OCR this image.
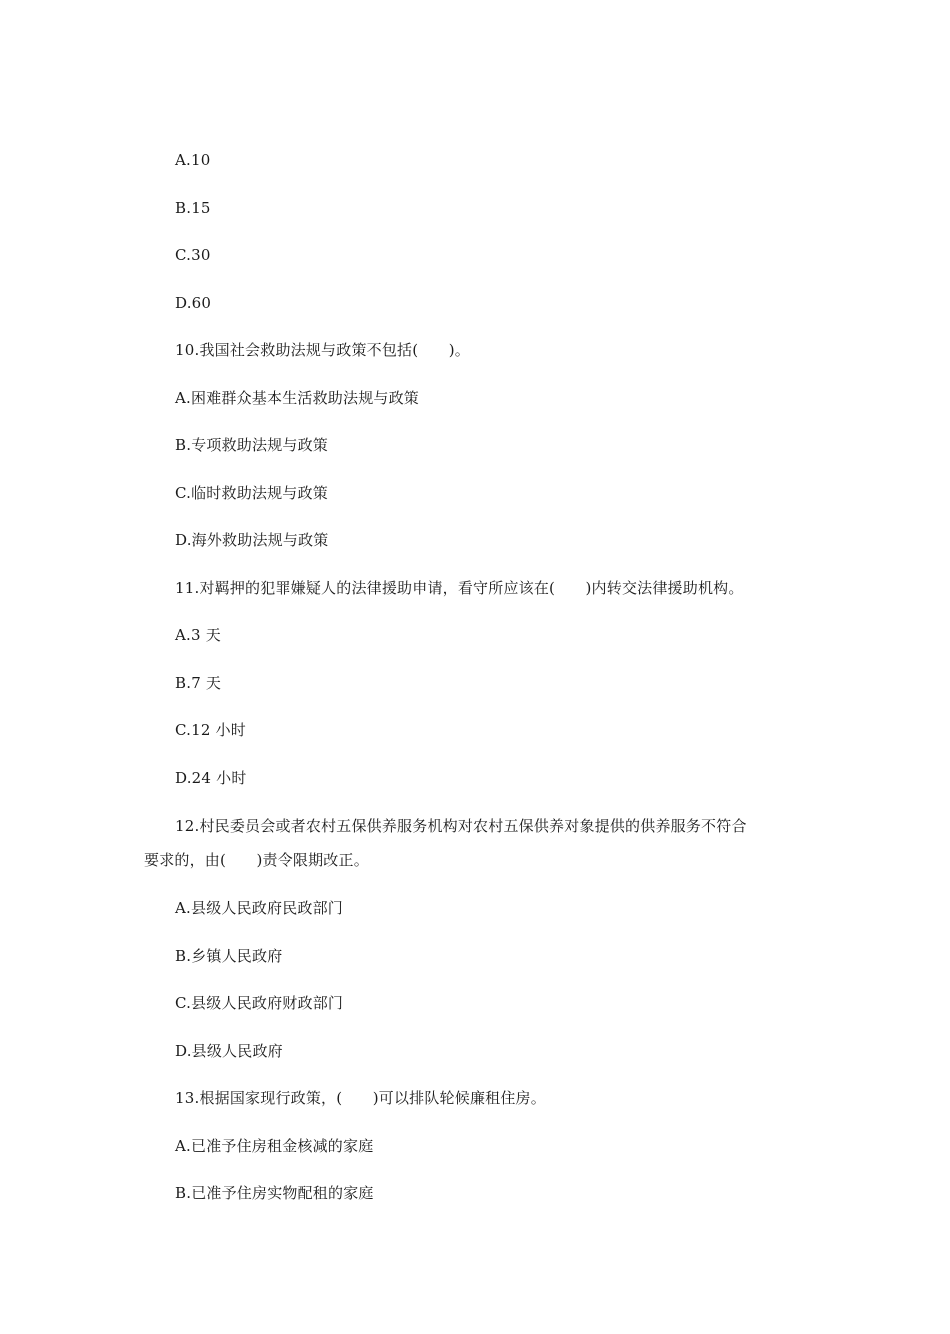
A.10
B.15
C.30
D.60
10.我国社会救助法规与政策不包括(　　)。
A.困难群众基本生活救助法规与政策
B.专项救助法规与政策
C.临时救助法规与政策
D.海外救助法规与政策
11.对羁押的犯罪嫌疑人的法律援助申请，看守所应该在(　　)内转交法律援助机构。
A.3 天
B.7 天
C.12 小时
D.24 小时
12.村民委员会或者农村五保供养服务机构对农村五保供养对象提供的供养服务不符合
要求的，由(　　)责令限期改正。
A.县级人民政府民政部门
B.乡镇人民政府
C.县级人民政府财政部门
D.县级人民政府
13.根据国家现行政策，(　　)可以排队轮候廉租住房。
A.已准予住房租金核减的家庭
B.已准予住房实物配租的家庭
